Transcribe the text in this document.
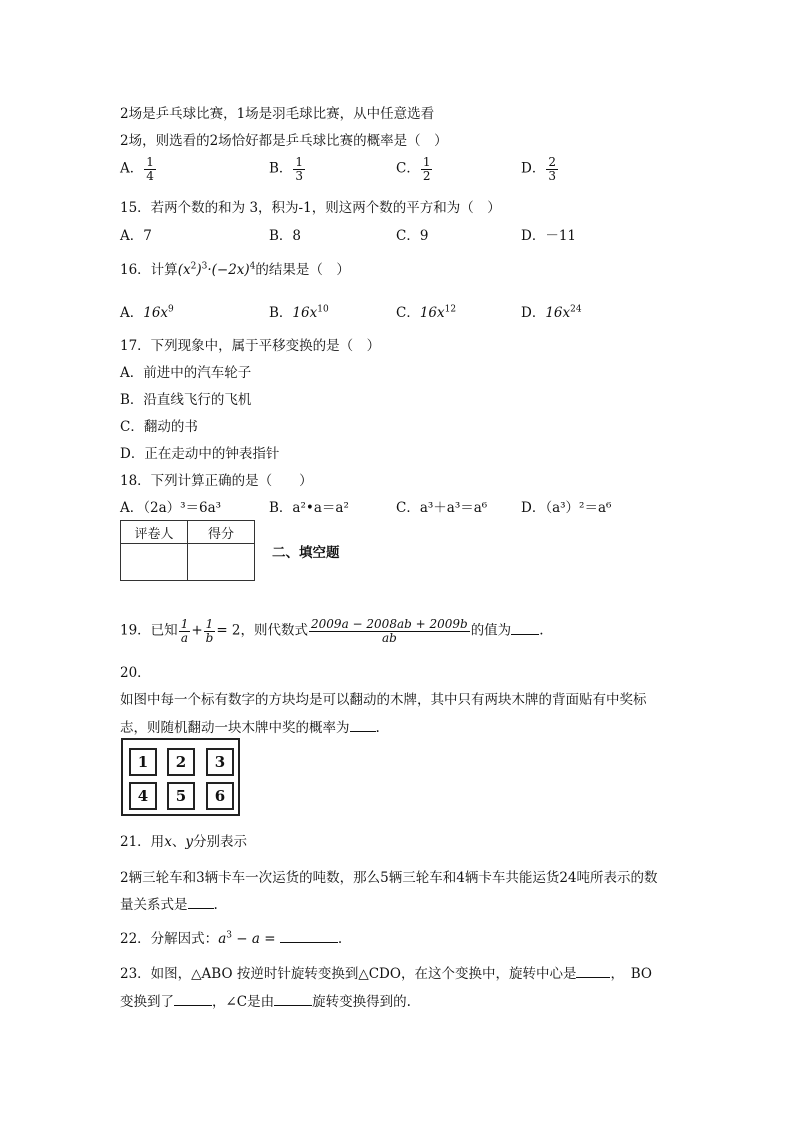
2场是乒乓球比赛，1场是羽毛球比赛，从中任意选看
2场，则选看的2场恰好都是乒乓球比赛的概率是（　）
A． $\frac{1}{4}$	B． $\frac{1}{3}$	C． $\frac{1}{2}$	D． $\frac{2}{3}$
15．若两个数的和为 3，积为-1，则这两个数的平方和为（　）
A．7	B．8	C．9	D．－11
16．计算$(x^2)^3\cdot(-2x)^4$的结果是（　）
A．$16x^9$	B．$16x^{10}$	C．$16x^{12}$	D．$16x^{24}$
17．下列现象中，属于平移变换的是（　）
A．前进中的汽车轮子
B．沿直线飞行的飞机
C．翻动的书
D．正在走动中的钟表指针
18．下列计算正确的是（　　）
A．（2a）³＝6a³	B．a²•a＝a²	C．a³＋a³＝a⁶	D．（a³）²＝a⁶
评卷人	得分

二、填空题
19．已知 $\frac{1}{a} + \frac{1}{b} = 2$，则代数式 $\frac{2009a - 2008ab + 2009b}{ab}$ 的值为 .
20．
如图中每一个标有数字的方块均是可以翻动的木牌，其中只有两块木牌的背面贴有中奖标
志，则随机翻动一块木牌中奖的概率为 .
1	2	3
4	5	6
21．用x、y分别表示
2辆三轮车和3辆卡车一次运货的吨数，那么5辆三轮车和4辆卡车共能运货24吨所表示的数
量关系式是 .
22．分解因式：$a^3 - a$ =	.
23．如图，△ABO 按逆时针旋转变换到△CDO，在这个变换中，旋转中心是	，　BO
变换到了	，∠C是由	旋转变换得到的.
